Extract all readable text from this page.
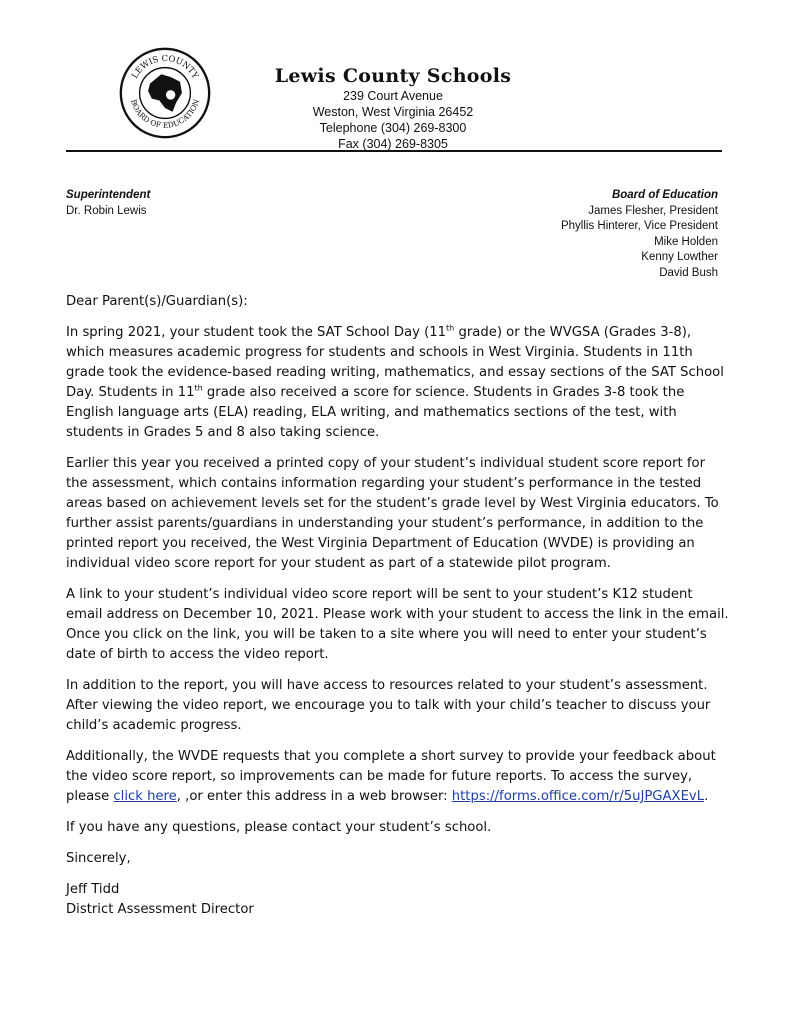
LEWIS COUNTY
BOARD OF EDUCATION
Lewis County Schools
239 Court Avenue
Weston, West Virginia 26452
Telephone (304) 269-8300
Fax (304) 269-8305
Superintendent
Dr. Robin Lewis
Board of Education
James Flesher, President
Phyllis Hinterer, Vice President
Mike Holden
Kenny Lowther
David Bush

Dear Parent(s)/Guardian(s):

In spring 2021, your student took the SAT School Day (11th grade) or the WVGSA (Grades 3-8), which measures academic progress for students and schools in West Virginia. Students in 11th grade took the evidence-based reading writing, mathematics, and essay sections of the SAT School Day. Students in 11th grade also received a score for science. Students in Grades 3-8 took the English language arts (ELA) reading, ELA writing, and mathematics sections of the test, with students in Grades 5 and 8 also taking science.

Earlier this year you received a printed copy of your student’s individual student score report for the assessment, which contains information regarding your student’s performance in the tested areas based on achievement levels set for the student’s grade level by West Virginia educators. To further assist parents/guardians in understanding your student’s performance, in addition to the printed report you received, the West Virginia Department of Education (WVDE) is providing an individual video score report for your student as part of a statewide pilot program.

A link to your student’s individual video score report will be sent to your student’s K12 student email address on December 10, 2021. Please work with your student to access the link in the email. Once you click on the link, you will be taken to a site where you will need to enter your student’s date of birth to access the video report.

In addition to the report, you will have access to resources related to your student’s assessment. After viewing the video report, we encourage you to talk with your child’s teacher to discuss your child’s academic progress.

Additionally, the WVDE requests that you complete a short survey to provide your feedback about the video score report, so improvements can be made for future reports. To access the survey, please click here, ,or enter this address in a web browser: https://forms.office.com/r/5uJPGAXEvL.

If you have any questions, please contact your student’s school.

Sincerely,

Jeff Tidd
District Assessment Director
